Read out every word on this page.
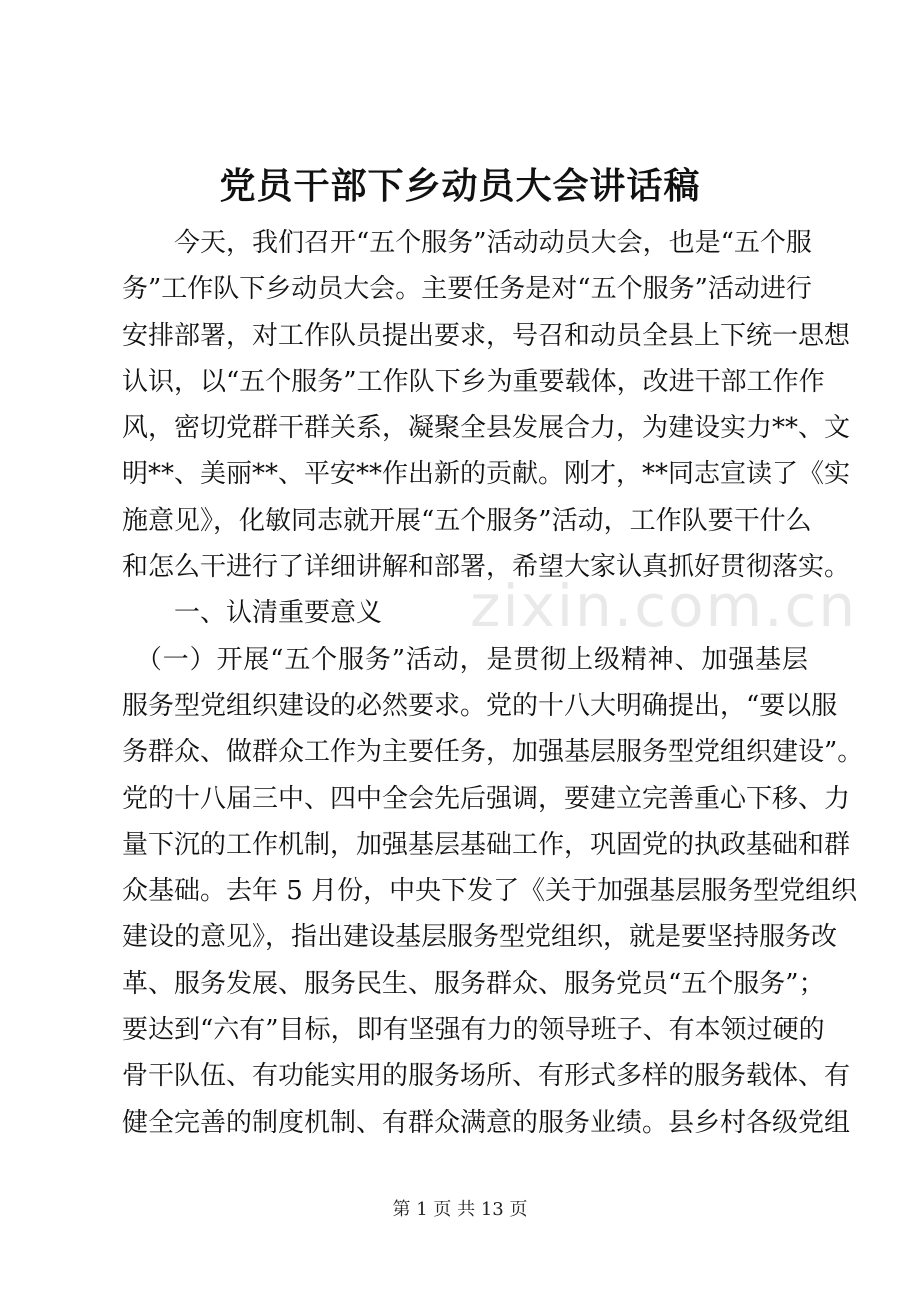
党员干部下乡动员大会讲话稿
　　今天，我们召开“五个服务”活动动员大会，也是“五个服
务”工作队下乡动员大会。主要任务是对“五个服务”活动进行
安排部署，对工作队员提出要求，号召和动员全县上下统一思想
认识，以“五个服务”工作队下乡为重要载体，改进干部工作作
风，密切党群干群关系，凝聚全县发展合力，为建设实力**、文
明**、美丽**、平安**作出新的贡献。刚才，**同志宣读了《实
施意见》，化敏同志就开展“五个服务”活动，工作队要干什么
和怎么干进行了详细讲解和部署，希望大家认真抓好贯彻落实。
　　一、认清重要意义
　（一）开展“五个服务”活动，是贯彻上级精神、加强基层
服务型党组织建设的必然要求。党的十八大明确提出，“要以服
务群众、做群众工作为主要任务，加强基层服务型党组织建设”。
党的十八届三中、四中全会先后强调，要建立完善重心下移、力
量下沉的工作机制，加强基层基础工作，巩固党的执政基础和群
众基础。去年 5 月份，中央下发了《关于加强基层服务型党组织
建设的意见》，指出建设基层服务型党组织，就是要坚持服务改
革、服务发展、服务民生、服务群众、服务党员“五个服务”；
要达到“六有”目标，即有坚强有力的领导班子、有本领过硬的
骨干队伍、有功能实用的服务场所、有形式多样的服务载体、有
健全完善的制度机制、有群众满意的服务业绩。县乡村各级党组
zixin.com.cn
第 1 页 共 13 页
